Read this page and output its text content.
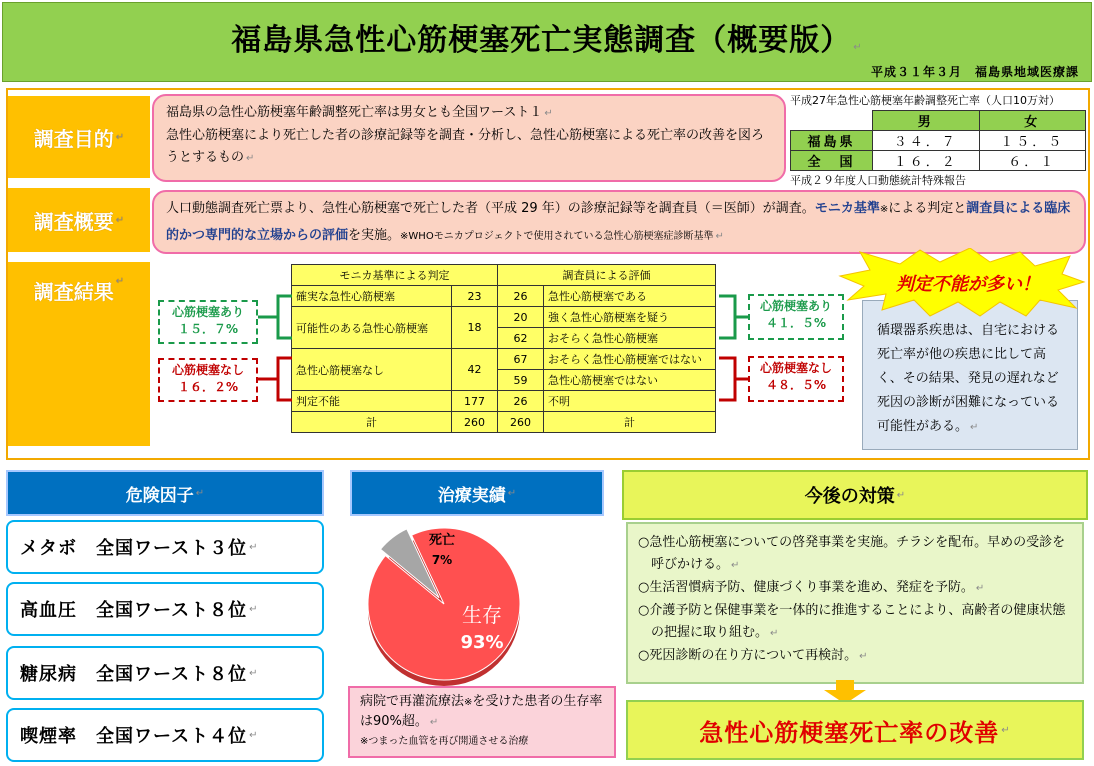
福島県急性心筋梗塞死亡実態調査（概要版） ↵
平成３１年３月　福島県地域医療課
調査目的 ↵
福島県の急性心筋梗塞年齢調整死亡率は男女とも全国ワースト１ ↵
急性心筋梗塞により死亡した者の診療記録等を調査・分析し、急性心筋梗塞による死亡率の改善を図ろうとするもの ↵
平成27年急性心筋梗塞年齢調整死亡率（人口10万対）
	男	女
福島県	３４．７	１５．５
全　国	１６．２	６．１
平成２９年度人口動態統計特殊報告
調査概要 ↵
人口動態調査死亡票より、急性心筋梗塞で死亡した者（平成 29 年）の診療記録等を調査員（＝医師）が調査。モニカ基準※による判定と調査員による臨床的かつ専門的な立場からの評価を実施。※WHOモニカプロジェクトで使用されている急性心筋梗塞症診断基準 ↵
調査結果 ↵	モニカ基準による判定		調査員による評価	
確実な急性心筋梗塞	23	26	急性心筋梗塞である
可能性のある急性心筋梗塞	18	20	強く急性心筋梗塞を疑う
		62	おそらく急性心筋梗塞
急性心筋梗塞なし	42	67	おそらく急性心筋梗塞ではない
		59	急性心筋梗塞ではない
判定不能	177	26	不明
計	260	260	計
心筋梗塞あり
１５．７%
心筋梗塞なし
１６．２%
心筋梗塞あり
４１．５%
心筋梗塞なし
４８．５%
循環器系疾患は、自宅における死亡率が他の疾患に比して高く、その結果、発見の遅れなど死因の診断が困難になっている可能性がある。 ↵
判定不能が多い！
危険因子 ↵
メタボ　全国ワースト３位 ↵
高血圧　全国ワースト８位 ↵
糖尿病　全国ワースト８位 ↵
喫煙率　全国ワースト４位 ↵
治療実績 ↵
生存
93%
死亡
7%
病院で再灌流療法※を受けた患者の生存率は90%超。 ↵
※つまった血管を再び開通させる治療
今後の対策 ↵
○急性心筋梗塞についての啓発事業を実施。チラシを配布。早めの受診を呼びかける。 ↵
○生活習慣病予防、健康づくり事業を進め、発症を予防。 ↵
○介護予防と保健事業を一体的に推進することにより、高齢者の健康状態の把握に取り組む。 ↵
○死因診断の在り方について再検討。 ↵
急性心筋梗塞死亡率の改善 ↵
